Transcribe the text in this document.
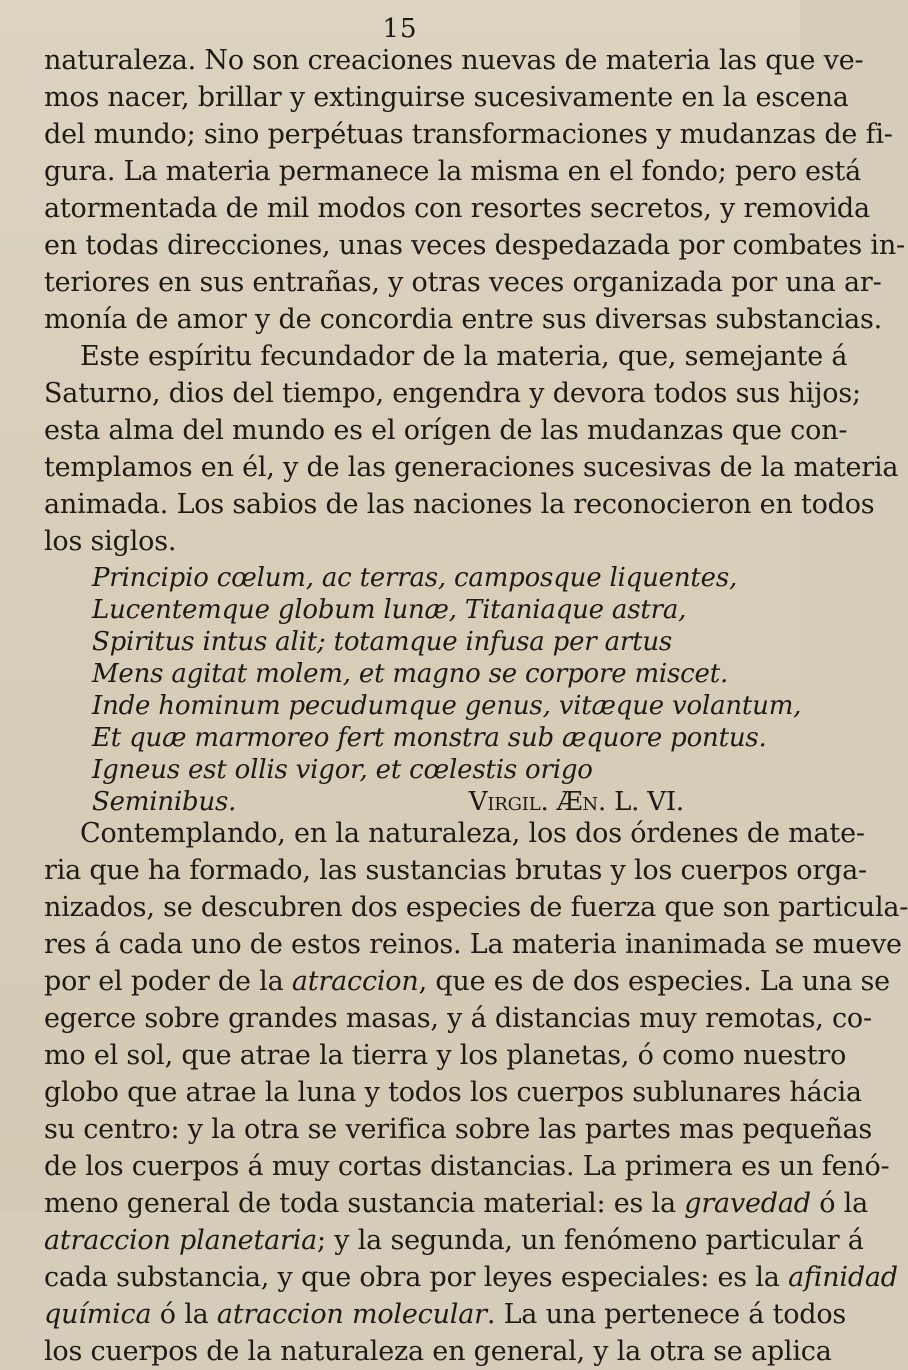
15
naturaleza. No son creaciones nuevas de materia las que ve-
mos nacer, brillar y extinguirse sucesivamente en la escena
del mundo; sino perpétuas transformaciones y mudanzas de fi-
gura. La materia permanece la misma en el fondo; pero está
atormentada de mil modos con resortes secretos, y removida
en todas direcciones, unas veces despedazada por combates in-
teriores en sus entrañas, y otras veces organizada por una ar-
monía de amor y de concordia entre sus diversas substancias.
Este espíritu fecundador de la materia, que, semejante á
Saturno, dios del tiempo, engendra y devora todos sus hijos;
esta alma del mundo es el orígen de las mudanzas que con-
templamos en él, y de las generaciones sucesivas de la materia
animada. Los sabios de las naciones la reconocieron en todos
los siglos.
Principio cœlum, ac terras, camposque liquentes,
Lucentemque globum lunæ, Titaniaque astra,
Spiritus intus alit; totamque infusa per artus
Mens agitat molem, et magno se corpore miscet.
Inde hominum pecudumque genus, vitæque volantum,
Et quæ marmoreo fert monstra sub æquore pontus.
Igneus est ollis vigor, et cœlestis origo
Seminibus.	Virgil. Æn. L. VI.
Contemplando, en la naturaleza, los dos órdenes de mate-
ria que ha formado, las sustancias brutas y los cuerpos orga-
nizados, se descubren dos especies de fuerza que son particula-
res á cada uno de estos reinos. La materia inanimada se mueve
por el poder de la atraccion, que es de dos especies. La una se
egerce sobre grandes masas, y á distancias muy remotas, co-
mo el sol, que atrae la tierra y los planetas, ó como nuestro
globo que atrae la luna y todos los cuerpos sublunares hácia
su centro: y la otra se verifica sobre las partes mas pequeñas
de los cuerpos á muy cortas distancias. La primera es un fenó-
meno general de toda sustancia material: es la gravedad ó la
atraccion planetaria; y la segunda, un fenómeno particular á
cada substancia, y que obra por leyes especiales: es la afinidad
química ó la atraccion molecular. La una pertenece á todos
los cuerpos de la naturaleza en general, y la otra se aplica
